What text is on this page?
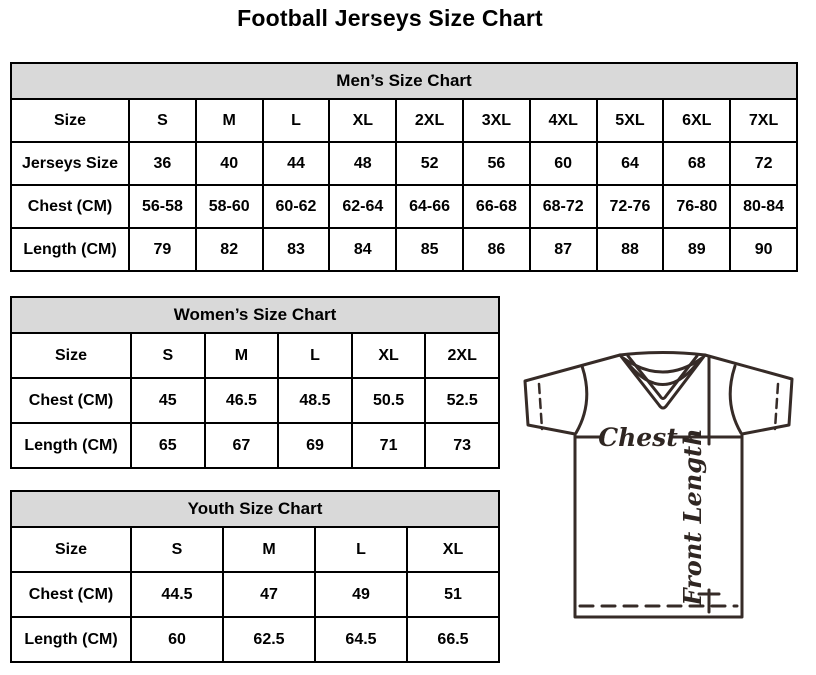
Football Jerseys Size Chart
Men’s Size Chart										
Size	S	M	L	XL	2XL	3XL	4XL	5XL	6XL	7XL
Jerseys Size	36	40	44	48	52	56	60	64	68	72
Chest (CM)	56-58	58-60	60-62	62-64	64-66	66-68	68-72	72-76	76-80	80-84
Length (CM)	79	82	83	84	85	86	87	88	89	90
Women’s Size Chart					
Size	S	M	L	XL	2XL
Chest (CM)	45	46.5	48.5	50.5	52.5
Length (CM)	65	67	69	71	73
Youth Size Chart				
Size	S	M	L	XL
Chest (CM)	44.5	47	49	51
Length (CM)	60	62.5	64.5	66.5
Chest Front Length
